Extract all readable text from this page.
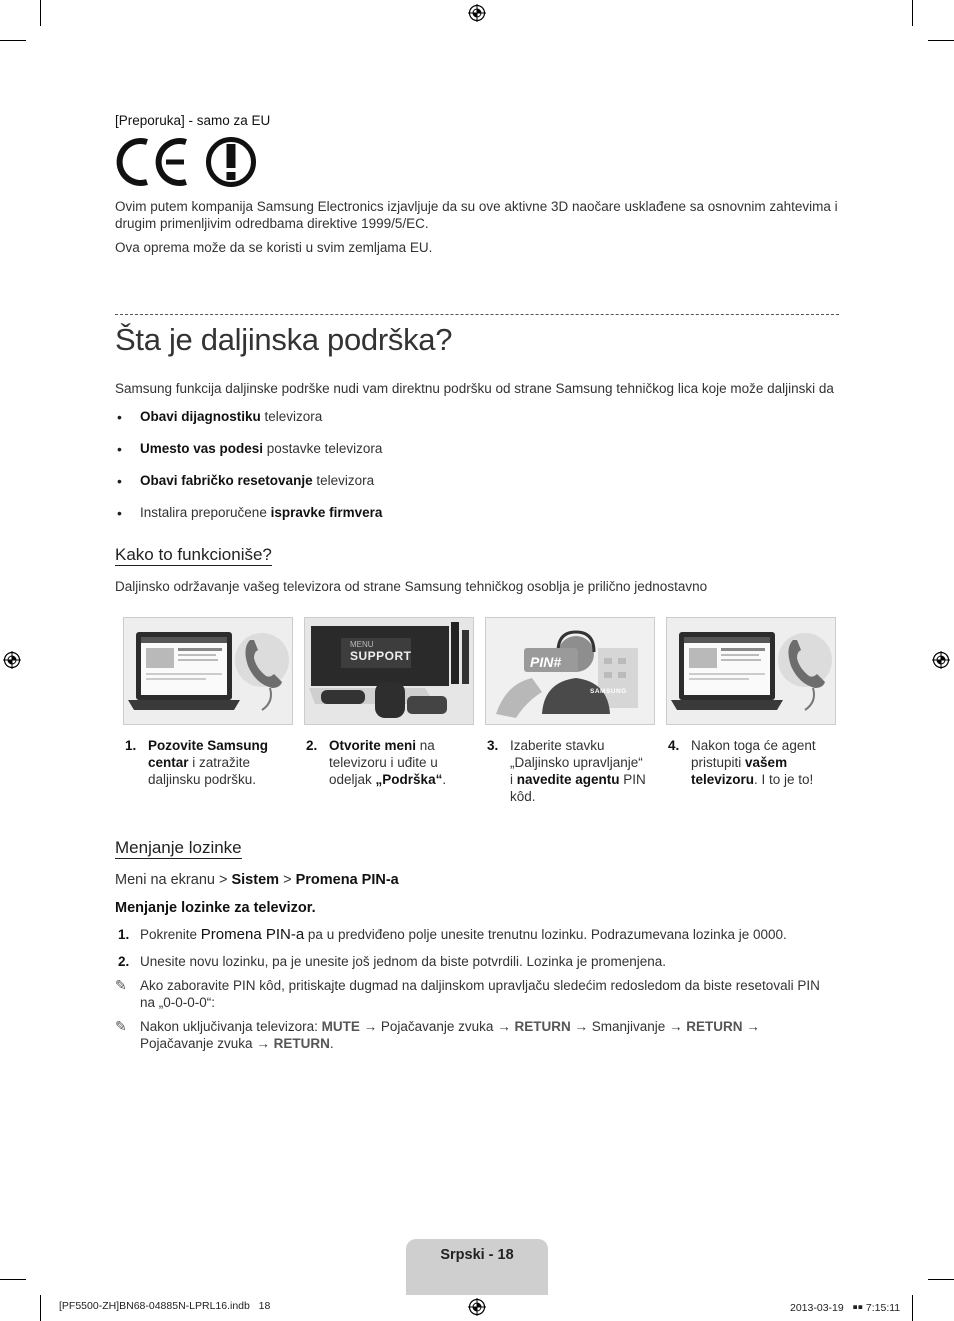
[Preporuka] - samo za EU
Ovim putem kompanija Samsung Electronics izjavljuje da su ove aktivne 3D naočare usklađene sa osnovnim zahtevima i
drugim primenljivim odredbama direktive 1999/5/EC.
Ova oprema može da se koristi u svim zemljama EU.
Šta je daljinska podrška?
Samsung funkcija daljinske podrške nudi vam direktnu podršku od strane Samsung tehničkog lica koje može daljinski da
• Obavi dijagnostiku televizora
• Umesto vas podesi postavke televizora
• Obavi fabričko resetovanje televizora
• Instalira preporučene ispravke firmvera
Kako to funkcioniše?
Daljinsko održavanje vašeg televizora od strane Samsung tehničkog osoblja je prilično jednostavno
MENU
SUPPORT	PIN#
SAMSUNG
1. Pozovite Samsung
centar i zatražite
daljinsku podršku.
2. Otvorite meni na
televizoru i uđite u
odeljak „Podrška“.
3. Izaberite stavku
„Daljinsko upravljanje“
i navedite agentu PIN
kôd.
4. Nakon toga će agent
pristupiti vašem
televizoru. I to je to!
Menjanje lozinke
Meni na ekranu > Sistem > Promena PIN-a
Menjanje lozinke za televizor.
1. Pokrenite Promena PIN-a pa u predviđeno polje unesite trenutnu lozinku. Podrazumevana lozinka je 0000.
2. Unesite novu lozinku, pa je unesite još jednom da biste potvrdili. Lozinka je promenjena.
✎ Ako zaboravite PIN kôd, pritiskajte dugmad na daljinskom upravljaču sledećim redosledom da biste resetovali PIN
na „0-0-0-0“:
✎ Nakon uključivanja televizora: MUTE → Pojačavanje zvuka → RETURN → Smanjivanje → RETURN →
Pojačavanje zvuka → RETURN.
Srpski - 18
[PF5500-ZH]BN68-04885N-LPRL16.indb   18	2013-03-19   ￭￭ 7:15:11
